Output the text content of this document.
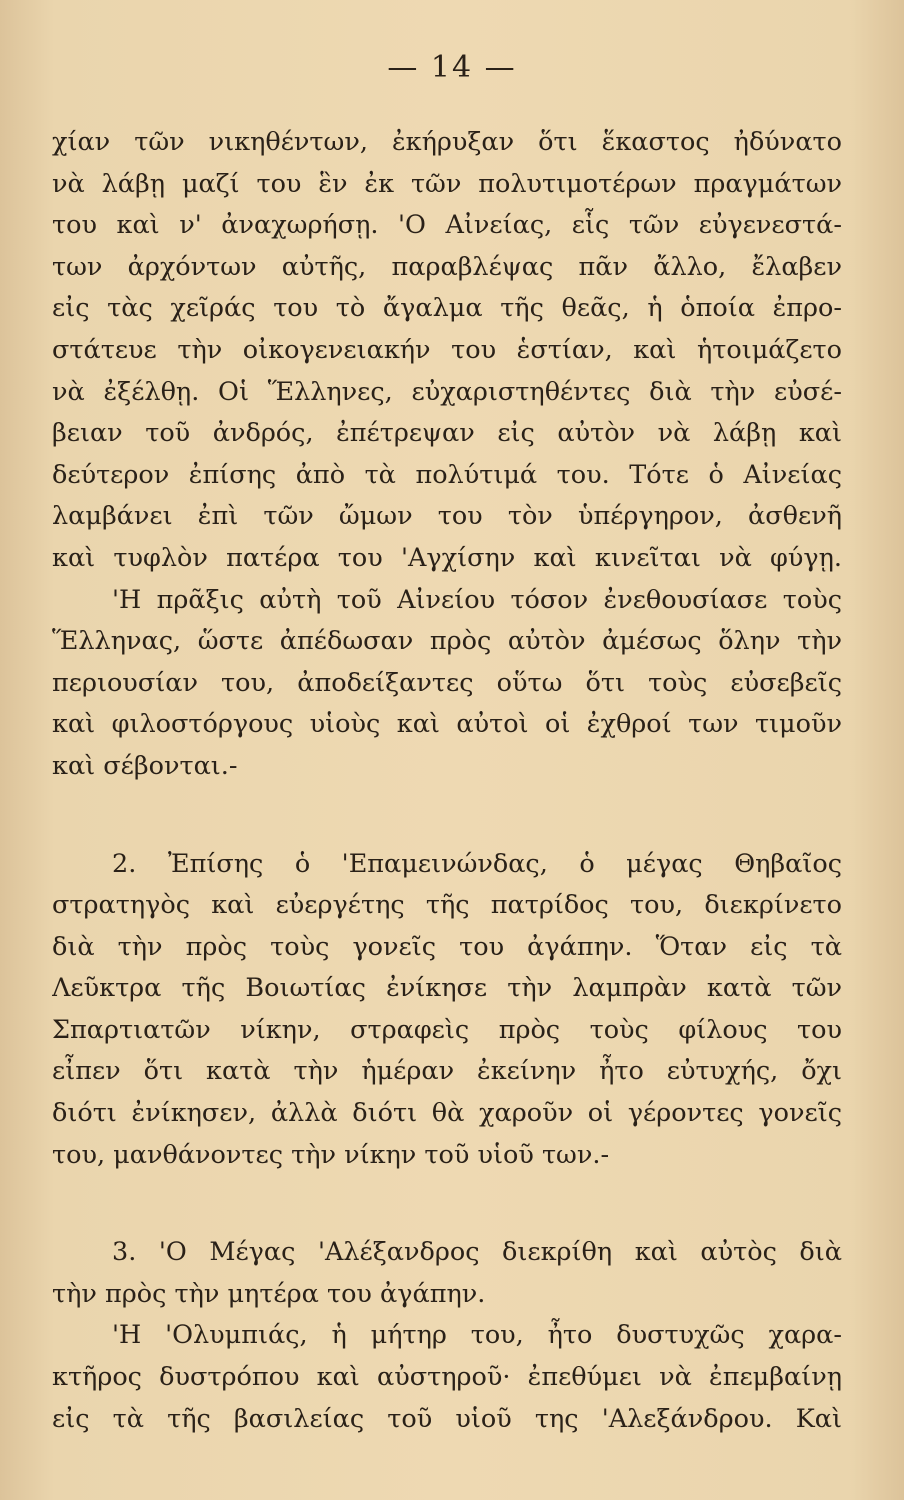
— 14 —
χίαν τῶν νικηθέντων, ἐκήρυξαν ὅτι ἕκαστος ἠδύνατο
νὰ λάβῃ μαζί του ἓν ἐκ τῶν πολυτιμοτέρων πραγμάτων
του καὶ ν' ἀναχωρήσῃ. 'Ο Αἰνείας, εἷς τῶν εὐγενεστά-
των ἀρχόντων αὐτῆς, παραβλέψας πᾶν ἄλλο, ἔλαβεν
εἰς τὰς χεῖράς του τὸ ἄγαλμα τῆς θεᾶς, ἡ ὁποία ἐπρο-
στάτευε τὴν οἰκογενειακήν του ἑστίαν, καὶ ἡτοιμάζετο
νὰ ἐξέλθῃ. Οἱ Ἕλληνες, εὐχαριστηθέντες διὰ τὴν εὐσέ-
βειαν τοῦ ἀνδρός, ἐπέτρεψαν εἰς αὐτὸν νὰ λάβῃ καὶ
δεύτερον ἐπίσης ἀπὸ τὰ πολύτιμά του. Τότε ὁ Αἰνείας
λαμβάνει ἐπὶ τῶν ὤμων του τὸν ὑπέργηρον, ἀσθενῆ
καὶ τυφλὸν πατέρα του 'Αγχίσην καὶ κινεῖται νὰ φύγῃ.
'Η πρᾶξις αὐτὴ τοῦ Αἰνείου τόσον ἐνεθουσίασε τοὺς
Ἕλληνας, ὥστε ἀπέδωσαν πρὸς αὐτὸν ἀμέσως ὅλην τὴν
περιουσίαν του, ἀποδείξαντες οὕτω ὅτι τοὺς εὐσεβεῖς
καὶ φιλοστόργους υἱοὺς καὶ αὐτοὶ οἱ ἐχθροί των τιμοῦν
καὶ σέβονται.-
2. Ἐπίσης ὁ 'Επαμεινώνδας, ὁ μέγας Θηβαῖος
στρατηγὸς καὶ εὐεργέτης τῆς πατρίδος του, διεκρίνετο
διὰ τὴν πρὸς τοὺς γονεῖς του ἀγάπην. Ὅταν εἰς τὰ
Λεῦκτρα τῆς Βοιωτίας ἐνίκησε τὴν λαμπρὰν κατὰ τῶν
Σπαρτιατῶν νίκην, στραφεὶς πρὸς τοὺς φίλους του
εἶπεν ὅτι κατὰ τὴν ἡμέραν ἐκείνην ἦτο εὐτυχής, ὄχι
διότι ἐνίκησεν, ἀλλὰ διότι θὰ χαροῦν οἱ γέροντες γονεῖς
του, μανθάνοντες τὴν νίκην τοῦ υἱοῦ των.-
3. 'Ο Μέγας 'Αλέξανδρος διεκρίθη καὶ αὐτὸς διὰ
τὴν πρὸς τὴν μητέρα του ἀγάπην.
'Η 'Ολυμπιάς, ἡ μήτηρ του, ἦτο δυστυχῶς χαρα-
κτῆρος δυστρόπου καὶ αὐστηροῦ· ἐπεθύμει νὰ ἐπεμβαίνῃ
εἰς τὰ τῆς βασιλείας τοῦ υἱοῦ της 'Αλεξάνδρου. Καὶ
